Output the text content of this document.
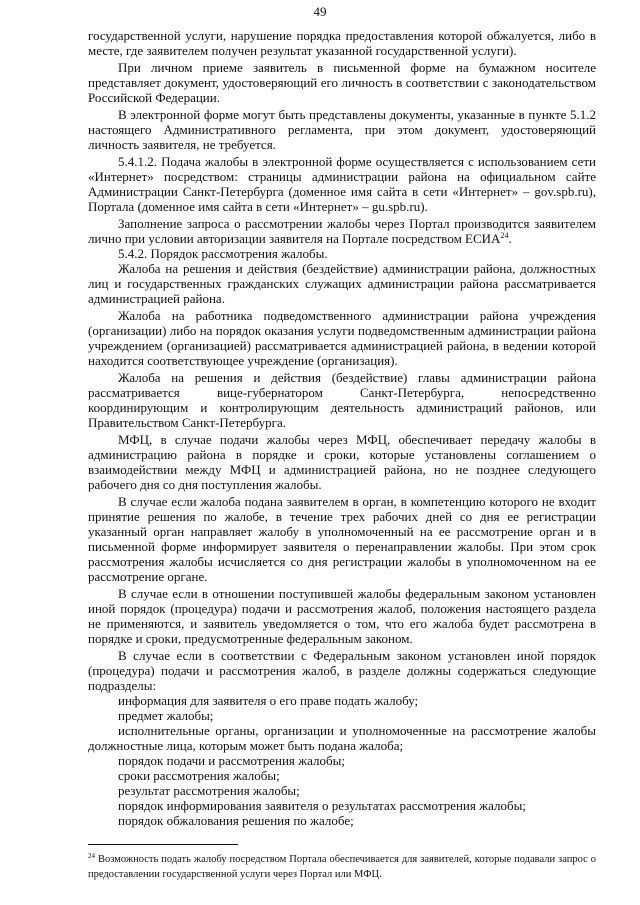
49

государственной услуги, нарушение порядка предоставления которой обжалуется, либо в месте, где заявителем получен результат указанной государственной услуги).

При личном приеме заявитель в письменной форме на бумажном носителе представляет документ, удостоверяющий его личность в соответствии с законодательством Российской Федерации.

В электронной форме могут быть представлены документы, указанные в пункте 5.1.2 настоящего Административного регламента, при этом документ, удостоверяющий личность заявителя, не требуется.

5.4.1.2. Подача жалобы в электронной форме осуществляется с использованием сети «Интернет» посредством: страницы администрации района на официальном сайте Администрации Санкт-Петербурга (доменное имя сайта в сети «Интернет» – gov.spb.ru), Портала (доменное имя сайта в сети «Интернет» – gu.spb.ru).

Заполнение запроса о рассмотрении жалобы через Портал производится заявителем лично при условии авторизации заявителя на Портале посредством ЕСИА$^{24}$.

5.4.2. Порядок рассмотрения жалобы.

Жалоба на решения и действия (бездействие) администрации района, должностных лиц и государственных гражданских служащих администрации района рассматривается администрацией района.

Жалоба на работника подведомственного администрации района учреждения (организации) либо на порядок оказания услуги подведомственным администрации района учреждением (организацией) рассматривается администрацией района, в ведении которой находится соответствующее учреждение (организация).

Жалоба на решения и действия (бездействие) главы администрации района рассматривается вице-губернатором Санкт-Петербурга, непосредственно координирующим и контролирующим деятельность администраций районов, или Правительством Санкт-Петербурга.

МФЦ, в случае подачи жалобы через МФЦ, обеспечивает передачу жалобы в администрацию района в порядке и сроки, которые установлены соглашением о взаимодействии между МФЦ и администрацией района, но не позднее следующего рабочего дня со дня поступления жалобы.

В случае если жалоба подана заявителем в орган, в компетенцию которого не входит принятие решения по жалобе, в течение трех рабочих дней со дня ее регистрации указанный орган направляет жалобу в уполномоченный на ее рассмотрение орган и в письменной форме информирует заявителя о перенаправлении жалобы. При этом срок рассмотрения жалобы исчисляется со дня регистрации жалобы в уполномоченном на ее рассмотрение органе.

В случае если в отношении поступившей жалобы федеральным законом установлен иной порядок (процедура) подачи и рассмотрения жалоб, положения настоящего раздела не применяются, и заявитель уведомляется о том, что его жалоба будет рассмотрена в порядке и сроки, предусмотренные федеральным законом.

В случае если в соответствии с Федеральным законом установлен иной порядок (процедура) подачи и рассмотрения жалоб, в разделе должны содержаться следующие подразделы:

информация для заявителя о его праве подать жалобу;

предмет жалобы;

исполнительные органы, организации и уполномоченные на рассмотрение жалобы должностные лица, которым может быть подана жалоба;

порядок подачи и рассмотрения жалобы;

сроки рассмотрения жалобы;

результат рассмотрения жалобы;

порядок информирования заявителя о результатах рассмотрения жалобы;

порядок обжалования решения по жалобе;

$^{24}$ Возможность подать жалобу посредством Портала обеспечивается для заявителей, которые подавали запрос о предоставлении государственной услуги через Портал или МФЦ.
